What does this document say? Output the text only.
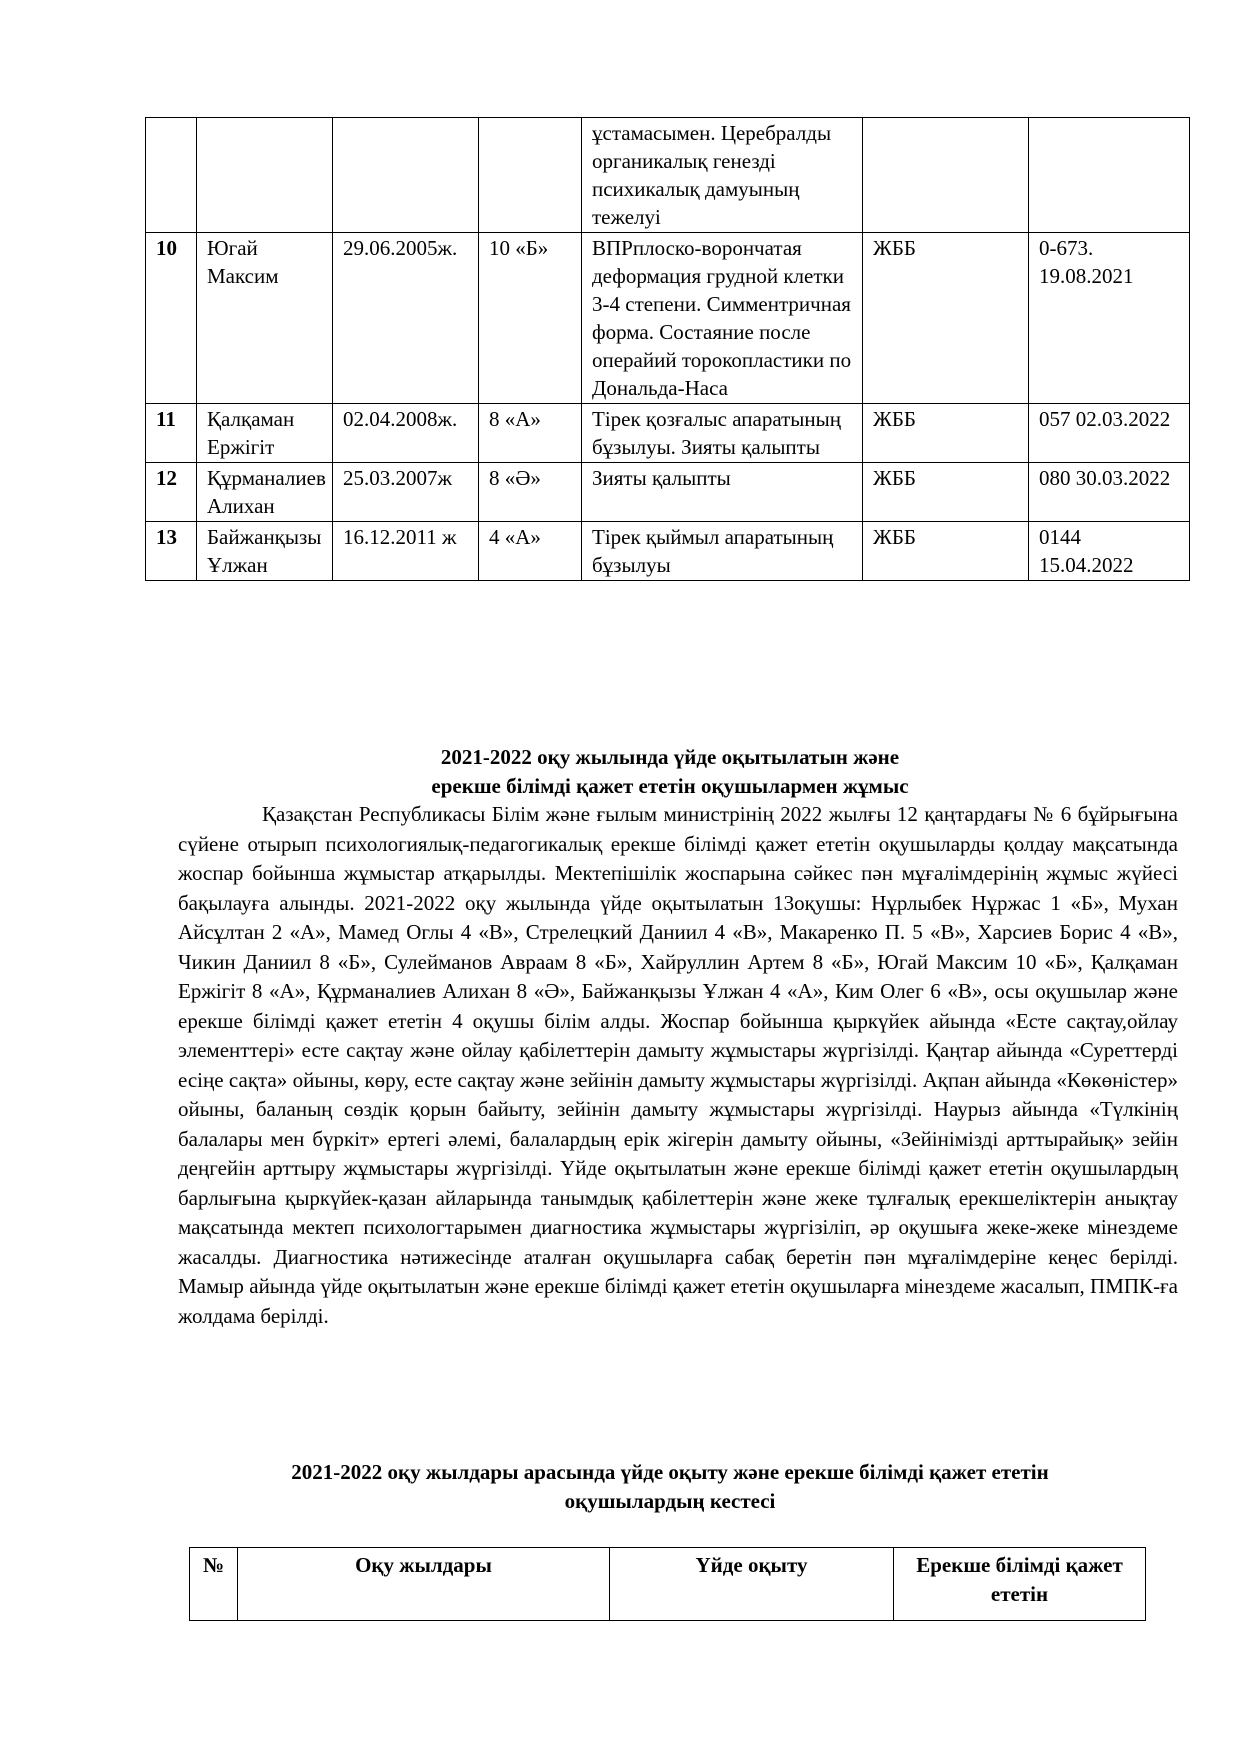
				ұстамасымен. Церебралды органикалық генезді психикалық дамуының тежелуі		
10	Югай Максим	29.06.2005ж.	10 «Б»	ВПРплоско-ворончатая деформация грудной клетки 3-4 степени. Симментричная форма. Состаяние после операйий торокопластики по Дональда-Наса	ЖББ	0-673. 19.08.2021
11	Қалқаман Ержігіт	02.04.2008ж.	8 «А»	Тірек қозғалыс апаратының бұзылуы. Зияты қалыпты	ЖББ	057 02.03.2022
12	Құрманалиев Алихан	25.03.2007ж	8 «Ә»	Зияты қалыпты	ЖББ	080 30.03.2022
13	Байжанқызы Ұлжан	16.12.2011 ж	4 «А»	Тірек қыймыл апаратының бұзылуы	ЖББ	0144 15.04.2022
2021-2022 оқу жылында үйде оқытылатын және
ерекше білімді қажет ететін оқушылармен жұмыс

Қазақстан Республикасы Білім және ғылым министрінің 2022 жылғы 12 қаңтардағы № 6 бұйрығына сүйене отырып психологиялық-педагогикалық ерекше білімді қажет ететін оқушыларды қолдау мақсатында жоспар бойынша жұмыстар атқарылды. Мектепішілік жоспарына сәйкес пән мұғалімдерінің жұмыс жүйесі бақылауға алынды. 2021-2022 оқу жылында үйде оқытылатын 13оқушы: Нұрлыбек Нұржас 1 «Б», Мухан Айсұлтан 2 «А», Мамед Оглы 4 «В», Стрелецкий Даниил 4 «В», Макаренко П. 5 «В», Харсиев Борис 4 «В», Чикин Даниил 8 «Б», Сулейманов Авраам 8 «Б», Хайруллин Артем 8 «Б», Югай Максим 10 «Б», Қалқаман Ержігіт 8 «А», Құрманалиев Алихан 8 «Ә», Байжанқызы Ұлжан 4 «А», Ким Олег 6 «В», осы оқушылар және ерекше білімді қажет ететін 4 оқушы білім алды. Жоспар бойынша қыркүйек айында «Есте сақтау,ойлау элементтері» есте сақтау және ойлау қабілеттерін дамыту жұмыстары жүргізілді. Қаңтар айында «Суреттерді есіңе сақта» ойыны, көру, есте сақтау және зейінін дамыту жұмыстары жүргізілді. Ақпан айында «Көкөністер» ойыны, баланың сөздік қорын байыту, зейінін дамыту жұмыстары жүргізілді. Наурыз айында «Түлкінің балалары мен бүркіт» ертегі әлемі, балалардың ерік жігерін дамыту ойыны, «Зейінімізді арттырайық» зейін деңгейін арттыру жұмыстары жүргізілді. Үйде оқытылатын және ерекше білімді қажет ететін оқушылардың барлығына қыркүйек-қазан айларында танымдық қабілеттерін және жеке тұлғалық ерекшеліктерін анықтау мақсатында мектеп психологтарымен диагностика жұмыстары жүргізіліп, әр оқушыға жеке-жеке мінездеме жасалды. Диагностика нәтижесінде аталған оқушыларға сабақ беретін пән мұғалімдеріне кеңес берілді. Мамыр айында үйде оқытылатын және ерекше білімді қажет ететін оқушыларға мінездеме жасалып, ПМПК-ға жолдама берілді.

2021-2022 оқу жылдары арасында үйде оқыту және ерекше білімді қажет ететін
оқушылардың кестесі
№	Оқу жылдары	Үйде оқыту	Ерекше білімді қажет ететін
